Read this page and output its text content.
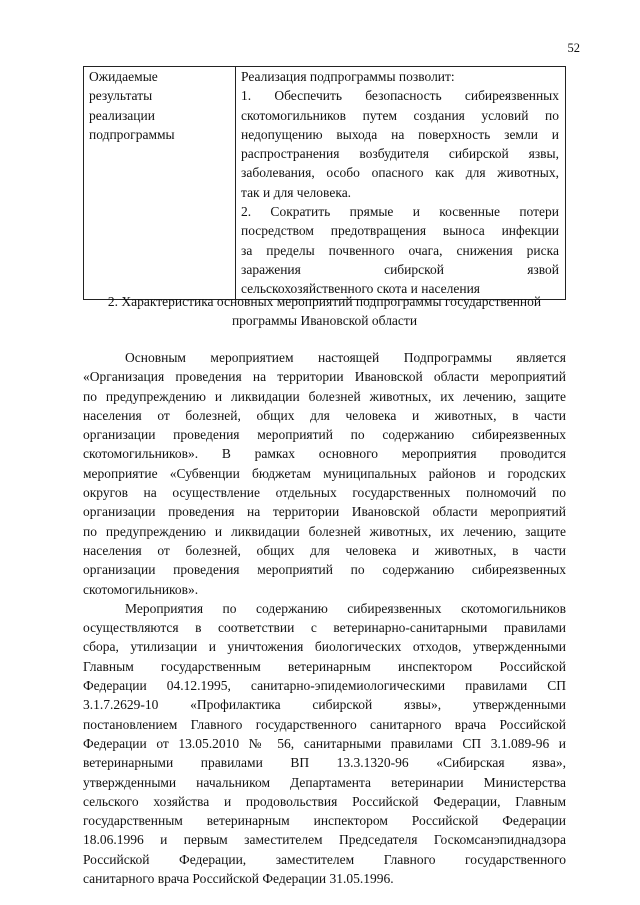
52
Ожидаемые
результаты
реализации
подпрограммы

Реализация подпрограммы позволит:
1. Обеспечить безопасность сибиреязвенных
скотомогильников путем создания условий по
недопущению выхода на поверхность земли и
распространения возбудителя сибирской язвы,
заболевания, особо опасного как для животных,
так и для человека.
2. Сократить прямые и косвенные потери
посредством предотвращения выноса инфекции
за пределы почвенного очага, снижения риска
заражения сибирской язвой
сельскохозяйственного скота и населения
2. Характеристика основных мероприятий подпрограммы государственной
программы Ивановской области
Основным мероприятием настоящей Подпрограммы является
«Организация проведения на территории Ивановской области мероприятий
по предупреждению и ликвидации болезней животных, их лечению, защите
населения от болезней, общих для человека и животных, в части
организации проведения мероприятий по содержанию сибиреязвенных
скотомогильников». В рамках основного мероприятия проводится
мероприятие «Субвенции бюджетам муниципальных районов и городских
округов на осуществление отдельных государственных полномочий по
организации проведения на территории Ивановской области мероприятий
по предупреждению и ликвидации болезней животных, их лечению, защите
населения от болезней, общих для человека и животных, в части
организации проведения мероприятий по содержанию сибиреязвенных
скотомогильников».
Мероприятия по содержанию сибиреязвенных скотомогильников
осуществляются в соответствии с ветеринарно-санитарными правилами
сбора, утилизации и уничтожения биологических отходов, утвержденными
Главным государственным ветеринарным инспектором Российской
Федерации 04.12.1995, санитарно-эпидемиологическими правилами СП
3.1.7.2629-10 «Профилактика сибирской язвы», утвержденными
постановлением Главного государственного санитарного врача Российской
Федерации от 13.05.2010 № 56, санитарными правилами СП 3.1.089-96 и
ветеринарными правилами ВП 13.3.1320-96 «Сибирская язва»,
утвержденными начальником Департамента ветеринарии Министерства
сельского хозяйства и продовольствия Российской Федерации, Главным
государственным ветеринарным инспектором Российской Федерации
18.06.1996 и первым заместителем Председателя Госкомсанэпиднадзора
Российской Федерации, заместителем Главного государственного
санитарного врача Российской Федерации 31.05.1996.
